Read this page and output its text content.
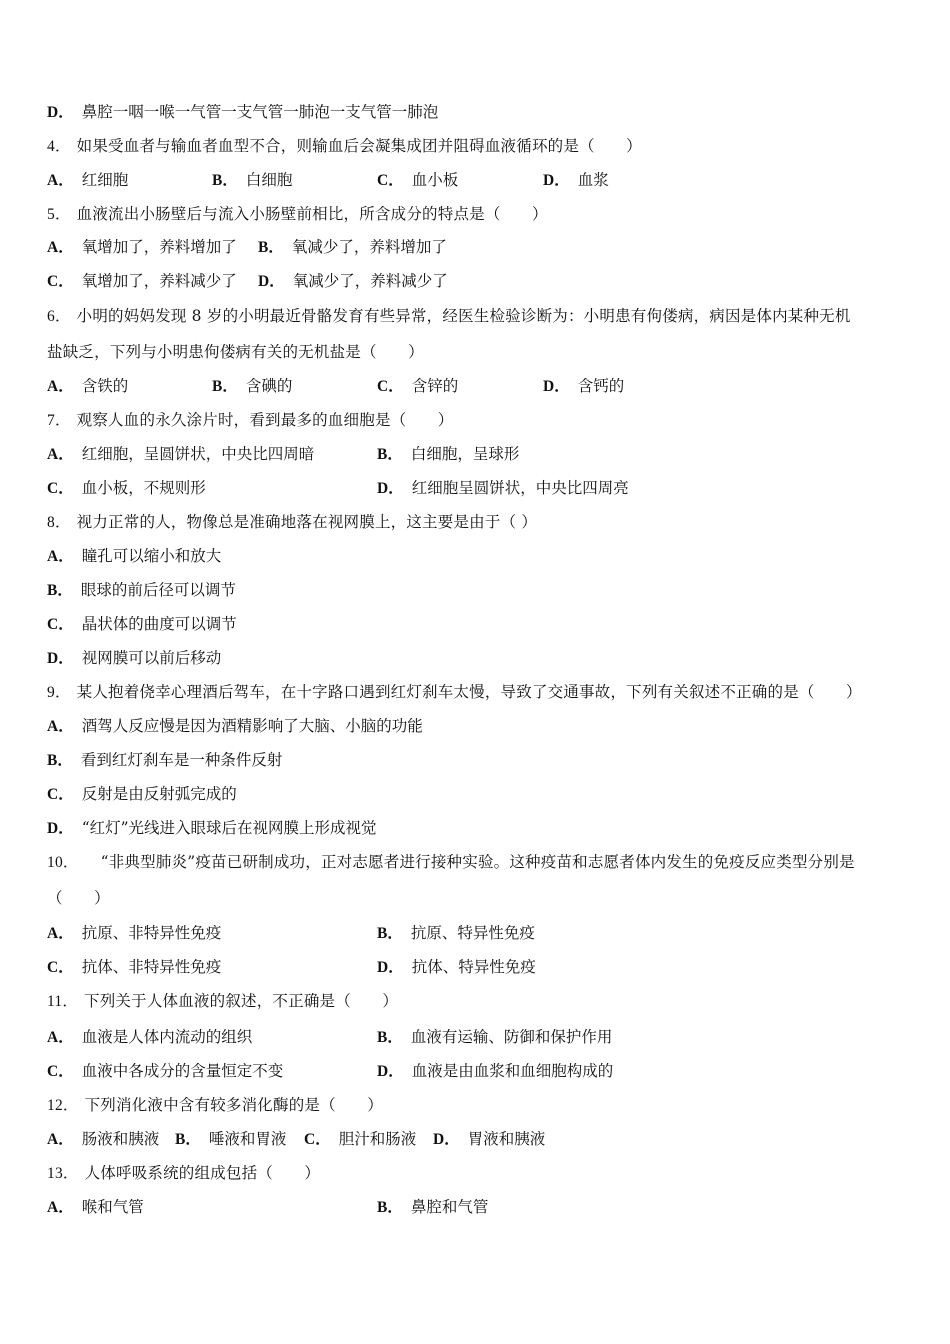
D． 鼻腔一咽一喉一气管一支气管一肺泡一支气管一肺泡
4． 如果受血者与输血者血型不合，则输血后会凝集成团并阻碍血液循环的是（　　）
A． 红细胞	B． 白细胞	C． 血小板	D． 血浆
5． 血液流出小肠壁后与流入小肠壁前相比，所含成分的特点是（　　）
A． 氧增加了，养料增加了 B． 氧减少了，养料增加了
C． 氧增加了，养料减少了 D． 氧减少了，养料减少了
6． 小明的妈妈发现 8 岁的小明最近骨骼发育有些异常，经医生检验诊断为：小明患有佝偻病，病因是体内某种无机
盐缺乏，下列与小明患佝偻病有关的无机盐是（　　）
A． 含铁的	B． 含碘的	C． 含锌的	D． 含钙的
7． 观察人血的永久涂片时，看到最多的血细胞是（　　）
A． 红细胞，呈圆饼状，中央比四周暗	B． 白细胞，呈球形
C． 血小板，不规则形	D． 红细胞呈圆饼状，中央比四周亮
8． 视力正常的人，物像总是准确地落在视网膜上，这主要是由于（ ）
A． 瞳孔可以缩小和放大
B． 眼球的前后径可以调节
C． 晶状体的曲度可以调节
D． 视网膜可以前后移动
9． 某人抱着侥幸心理酒后驾车，在十字路口遇到红灯刹车太慢，导致了交通事故，下列有关叙述不正确的是（　　）
A． 酒驾人反应慢是因为酒精影响了大脑、小脑的功能
B． 看到红灯刹车是一种条件反射
C． 反射是由反射弧完成的
D． “红灯”光线进入眼球后在视网膜上形成视觉
10． “非典型肺炎”疫苗已研制成功，正对志愿者进行接种实验。这种疫苗和志愿者体内发生的免疫反应类型分别是
（　　）
A． 抗原、非特异性免疫	B． 抗原、特异性免疫
C． 抗体、非特异性免疫	D． 抗体、特异性免疫
11． 下列关于人体血液的叙述，不正确是（　　）
A． 血液是人体内流动的组织	B． 血液有运输、防御和保护作用
C． 血液中各成分的含量恒定不变	D． 血液是由血浆和血细胞构成的
12． 下列消化液中含有较多消化酶的是（　　）
A． 肠液和胰液 B． 唾液和胃液 C． 胆汁和肠液 D． 胃液和胰液
13． 人体呼吸系统的组成包括（　　）
A． 喉和气管	B． 鼻腔和气管
